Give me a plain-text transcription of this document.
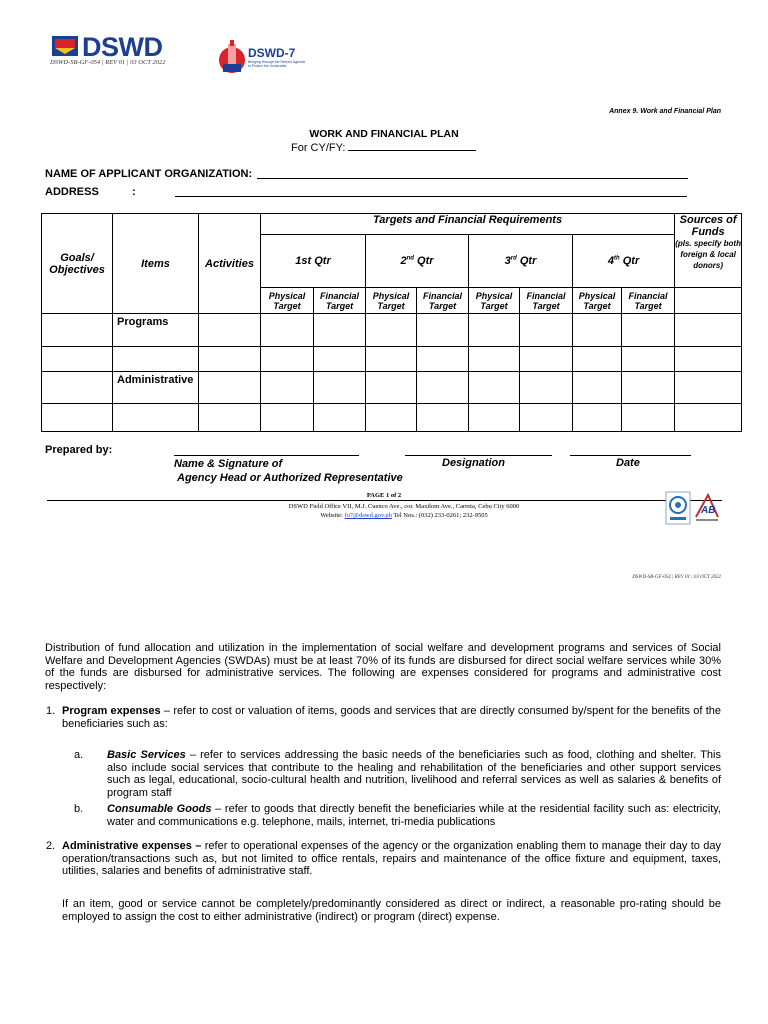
DSWD
DSWD-SB-GF-054 | REV 01 | 03 OCT 2022
DSWD-7
Bridging through the Reform Agenda to Protect the Vulnerable
Annex 9. Work and Financial Plan
WORK AND FINANCIAL PLAN
For CY/FY:
NAME OF APPLICANT ORGANIZATION:
ADDRESS	:
Goals/ Objectives	Items	Activities	Targets and Financial Requirements								Sources of Funds
(pls. specify both foreign & local donors)

			1st Qtr		2nd Qtr		3rd Qtr		4th Qtr		
			Physical Target	Financial Target	Physical Target	Financial Target	Physical Target	Financial Target	Physical Target	Financial Target	
	Programs										

	Administrative										

Prepared by:
Name & Signature of
Agency Head or Authorized Representative
Designation	Date
PAGE 1 of 2
DSWD Field Office VII, M.J. Cuenco Ave., cor. Maxilom Ave., Carreta, Cebu City 6000
Website: fo7@dswd.gov.ph Tel Nos.: (032) 233-0261; 232-9505	AB
DSWD-SB-GF-054 | REV 01 | 03 OCT 2022
Distribution of fund allocation and utilization in the implementation of social welfare and development programs and services of Social Welfare and Development Agencies (SWDAs) must be at least 70% of its funds are disbursed for direct social welfare services while 30% of the funds are disbursed for administrative services. The following are expenses considered for programs and administrative cost respectively:
1. Program expenses – refer to cost or valuation of items, goods and services that are directly consumed by/spent for the benefits of the beneficiaries such as:
a. Basic Services – refer to services addressing the basic needs of the beneficiaries such as food, clothing and shelter. This also include social services that contribute to the healing and rehabilitation of the beneficiaries and other support services such as legal, educational, socio-cultural health and nutrition, livelihood and referral services as well as salaries & benefits of program staff
b. Consumable Goods – refer to goods that directly benefit the beneficiaries while at the residential facility such as: electricity, water and communications e.g. telephone, mails, internet, tri-media publications
2. Administrative expenses – refer to operational expenses of the agency or the organization enabling them to manage their day to day operation/transactions such as, but not limited to office rentals, repairs and maintenance of the office fixture and equipment, taxes, utilities, salaries and benefits of administrative staff.
If an item, good or service cannot be completely/predominantly considered as direct or indirect, a reasonable pro-rating should be employed to assign the cost to either administrative (indirect) or program (direct) expense.
